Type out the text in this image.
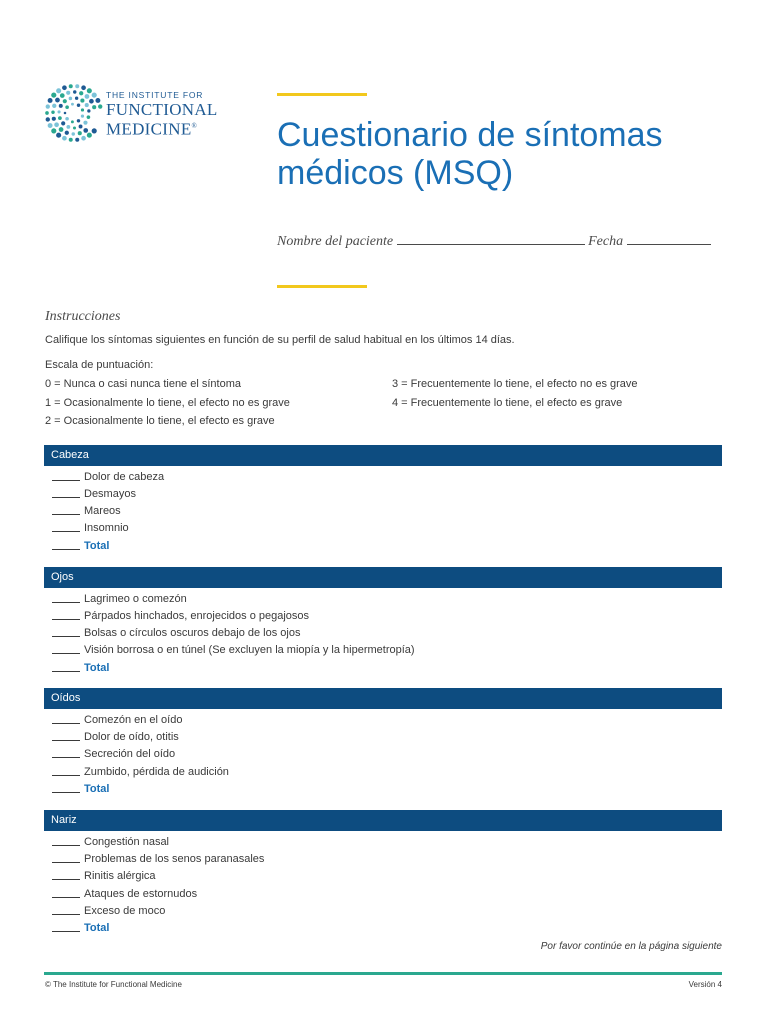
THE INSTITUTE FOR
FUNCTIONAL
MEDICINE®	Cuestionario de síntomas médicos (MSQ)
Nombre del paciente	Fecha
Instrucciones
Califique los síntomas siguientes en función de su perfil de salud habitual en los últimos 14 días.
Escala de puntuación:
0 = Nunca o casi nunca tiene el síntoma
1 = Ocasionalmente lo tiene, el efecto no es grave
2 = Ocasionalmente lo tiene, el efecto es grave
3 = Frecuentemente lo tiene, el efecto no es grave
4 = Frecuentemente lo tiene, el efecto es grave
Cabeza
Dolor de cabeza
Desmayos
Mareos
Insomnio
Total
Ojos
Lagrimeo o comezón
Párpados hinchados, enrojecidos o pegajosos
Bolsas o círculos oscuros debajo de los ojos
Visión borrosa o en túnel (Se excluyen la miopía y la hipermetropía)
Total
Oídos
Comezón en el oído
Dolor de oído, otitis
Secreción del oído
Zumbido, pérdida de audición
Total
Nariz
Congestión nasal
Problemas de los senos paranasales
Rinitis alérgica
Ataques de estornudos
Exceso de moco
Total
Por favor continúe en la página siguiente
© The Institute for Functional Medicine	Versión 4
